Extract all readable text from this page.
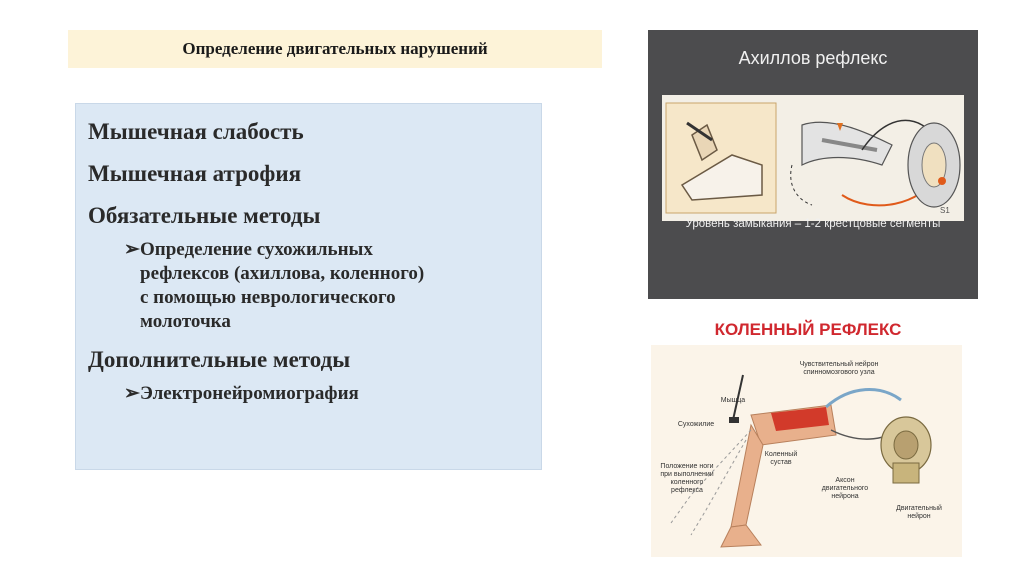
Определение двигательных нарушений
Мышечная слабость
Мышечная атрофия
Обязательные методы
➢ Определение сухожильных
рефлексов (ахиллова, коленного)
с помощью неврологического
молоточка
Дополнительные методы
➢ Электронейромиография
Ахиллов рефлекс
S1
Уровень замыкания – 1-2 крестцовые сегменты
КОЛЕННЫЙ РЕФЛЕКС
Чувствительный нейрон спинномозгового узла
Мышца
Сухожилие
Коленный сустав
Положение ноги при выполнении коленного рефлекса
Аксон двигательного нейрона
Двигательный нейрон
